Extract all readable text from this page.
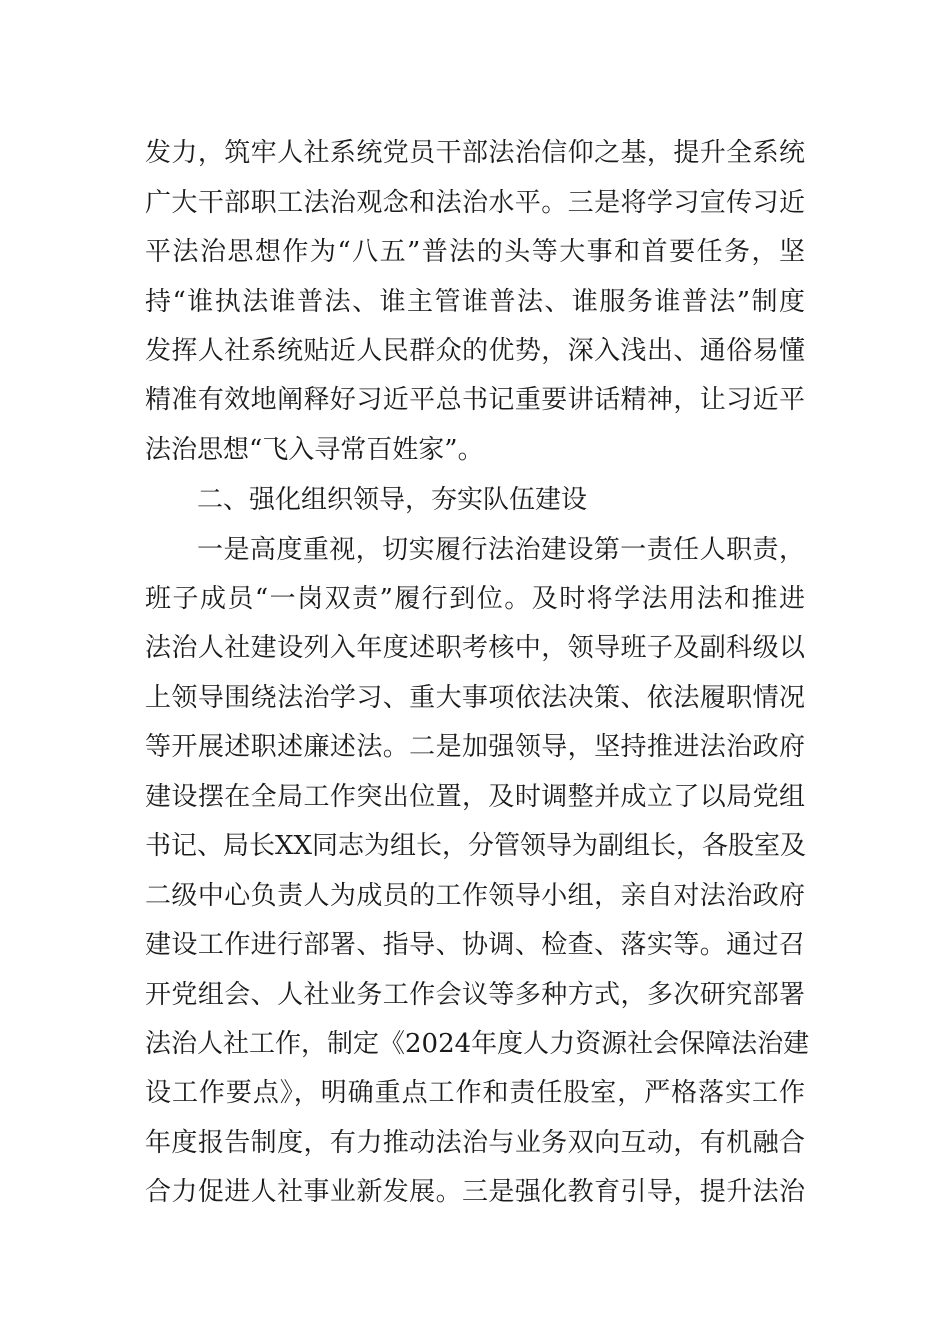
发力，筑牢人社系统党员干部法治信仰之基，提升全系统
广大干部职工法治观念和法治水平。三是将学习宣传习近
平法治思想作为“八五”普法的头等大事和首要任务，坚
持“谁执法谁普法、谁主管谁普法、谁服务谁普法”制度
发挥人社系统贴近人民群众的优势，深入浅出、通俗易懂
精准有效地阐释好习近平总书记重要讲话精神，让习近平
法治思想“飞入寻常百姓家”。
二、强化组织领导，夯实队伍建设
一是高度重视，切实履行法治建设第一责任人职责，
班子成员“一岗双责”履行到位。及时将学法用法和推进
法治人社建设列入年度述职考核中，领导班子及副科级以
上领导围绕法治学习、重大事项依法决策、依法履职情况
等开展述职述廉述法。二是加强领导，坚持推进法治政府
建设摆在全局工作突出位置，及时调整并成立了以局党组
书记、局长XX同志为组长，分管领导为副组长，各股室及
二级中心负责人为成员的工作领导小组，亲自对法治政府
建设工作进行部署、指导、协调、检查、落实等。通过召
开党组会、人社业务工作会议等多种方式，多次研究部署
法治人社工作，制定《2024年度人力资源社会保障法治建
设工作要点》，明确重点工作和责任股室，严格落实工作
年度报告制度，有力推动法治与业务双向互动，有机融合
合力促进人社事业新发展。三是强化教育引导，提升法治
